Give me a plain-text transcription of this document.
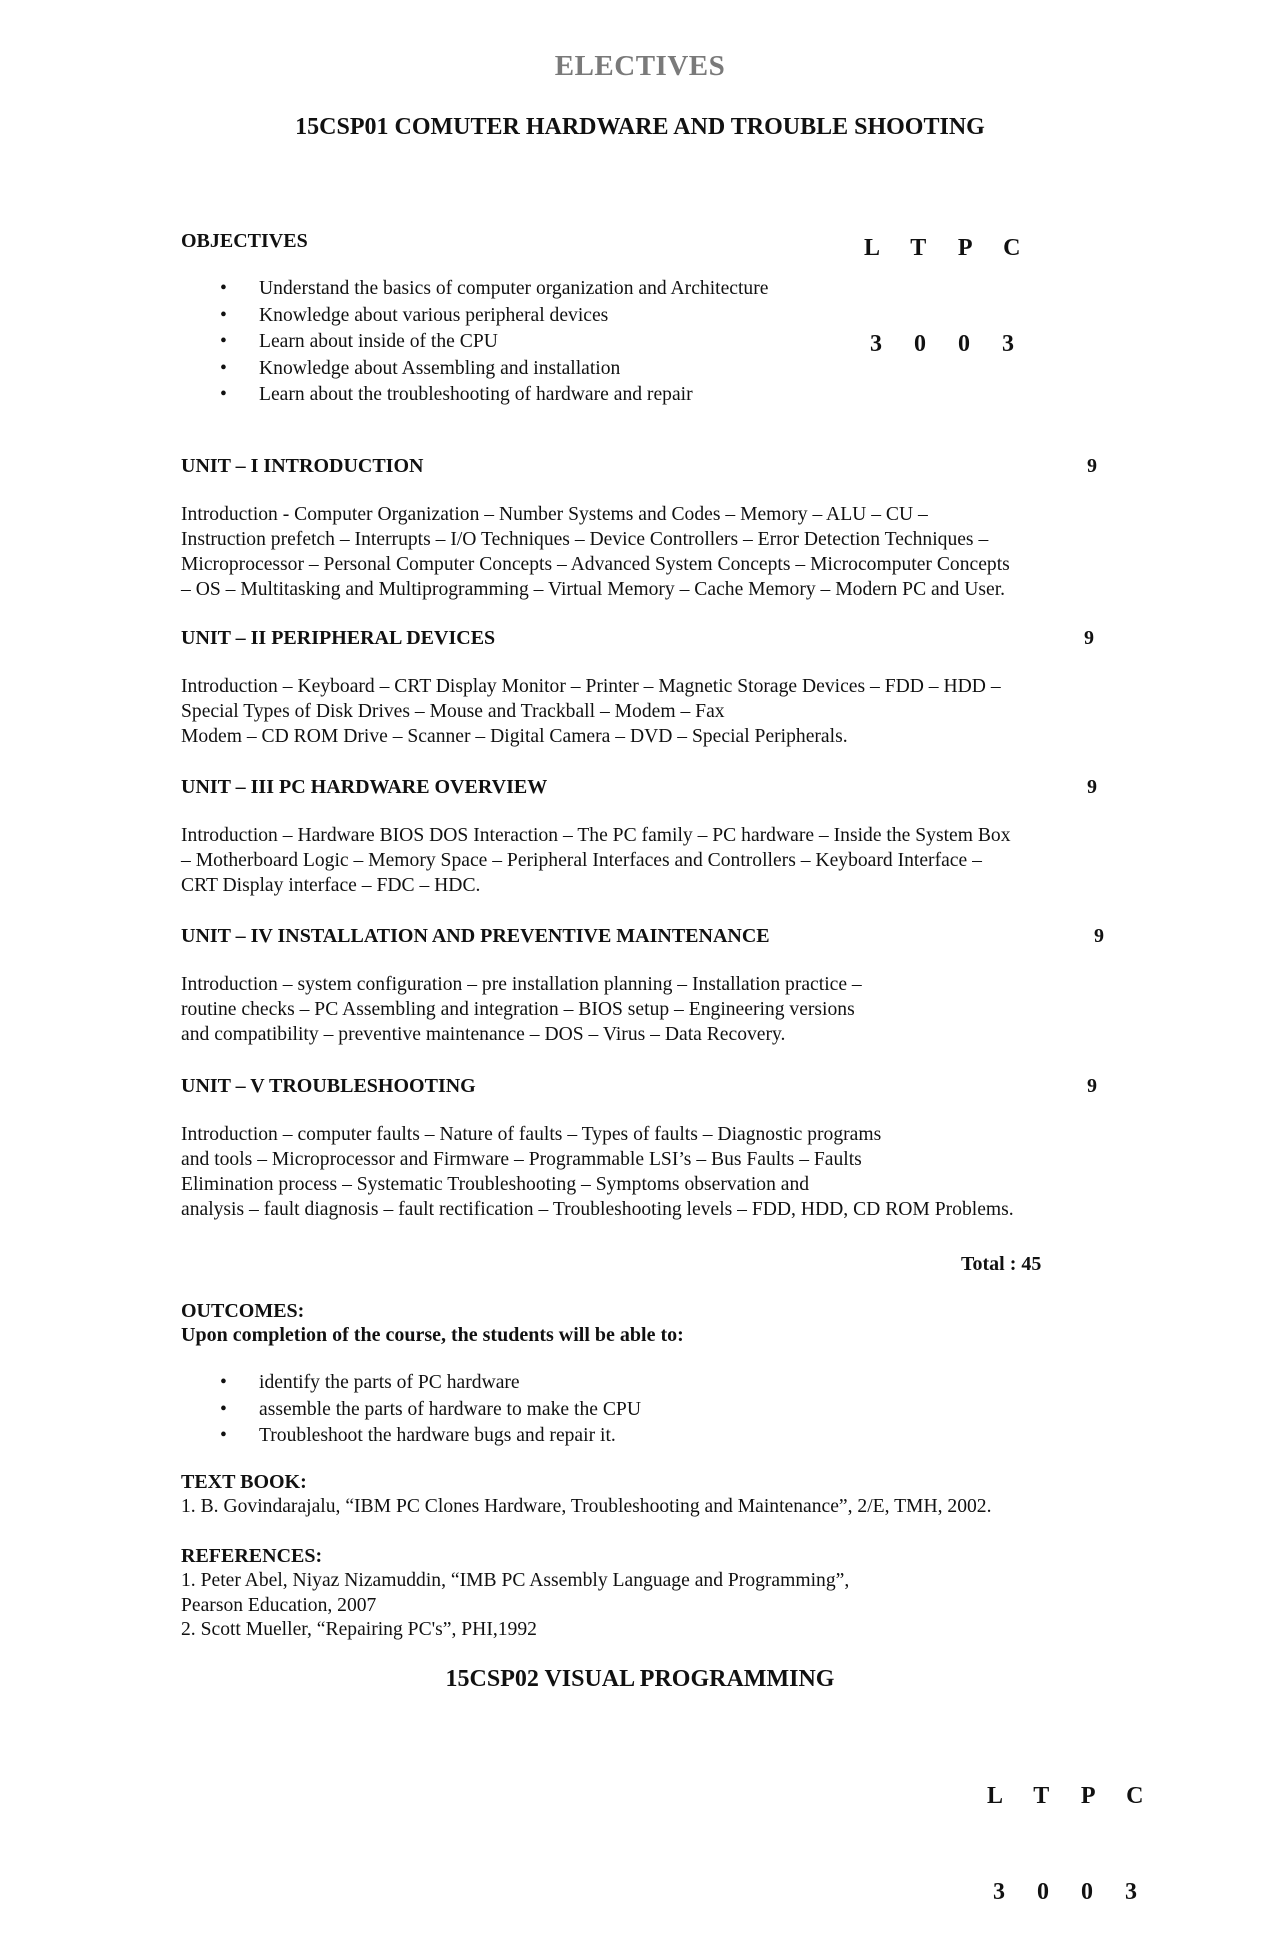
ELECTIVES
15CSP01 COMUTER HARDWARE AND TROUBLE SHOOTING

L T P C

3 0 0 3

OBJECTIVES
• Understand the basics of computer organization and Architecture
• Knowledge about various peripheral devices
• Learn about inside of the CPU
• Knowledge about Assembling and installation
• Learn about the troubleshooting of hardware and repair
UNIT – I INTRODUCTION	9
Introduction - Computer Organization – Number Systems and Codes – Memory – ALU – CU –
Instruction prefetch – Interrupts – I/O Techniques – Device Controllers – Error Detection Techniques –
Microprocessor – Personal Computer Concepts – Advanced System Concepts – Microcomputer Concepts
– OS – Multitasking and Multiprogramming – Virtual Memory – Cache Memory – Modern PC and User.
UNIT – II PERIPHERAL DEVICES	9
Introduction – Keyboard – CRT Display Monitor – Printer – Magnetic Storage Devices – FDD – HDD –
Special Types of Disk Drives – Mouse and Trackball – Modem – Fax
Modem – CD ROM Drive – Scanner – Digital Camera – DVD – Special Peripherals.
UNIT – III PC HARDWARE OVERVIEW	9
Introduction – Hardware BIOS DOS Interaction – The PC family – PC hardware – Inside the System Box
– Motherboard Logic – Memory Space – Peripheral Interfaces and Controllers – Keyboard Interface –
CRT Display interface – FDC – HDC.
UNIT – IV INSTALLATION AND PREVENTIVE MAINTENANCE	9
Introduction – system configuration – pre installation planning – Installation practice –
routine checks – PC Assembling and integration – BIOS setup – Engineering versions
and compatibility – preventive maintenance – DOS – Virus – Data Recovery.
UNIT – V TROUBLESHOOTING	9
Introduction – computer faults – Nature of faults – Types of faults – Diagnostic programs
and tools – Microprocessor and Firmware – Programmable LSI’s – Bus Faults – Faults
Elimination process – Systematic Troubleshooting – Symptoms observation and
analysis – fault diagnosis – fault rectification – Troubleshooting levels – FDD, HDD, CD ROM Problems.
Total : 45
OUTCOMES:
Upon completion of the course, the students will be able to:
• identify the parts of PC hardware
• assemble the parts of hardware to make the CPU
• Troubleshoot the hardware bugs and repair it.
TEXT BOOK:
1. B. Govindarajalu, “IBM PC Clones Hardware, Troubleshooting and Maintenance”, 2/E, TMH, 2002.
REFERENCES:
1. Peter Abel, Niyaz Nizamuddin, “IMB PC Assembly Language and Programming”,
Pearson Education, 2007
2. Scott Mueller, “Repairing PC's”, PHI,1992
15CSP02 VISUAL PROGRAMMING

L T P C

3 0 0 3
